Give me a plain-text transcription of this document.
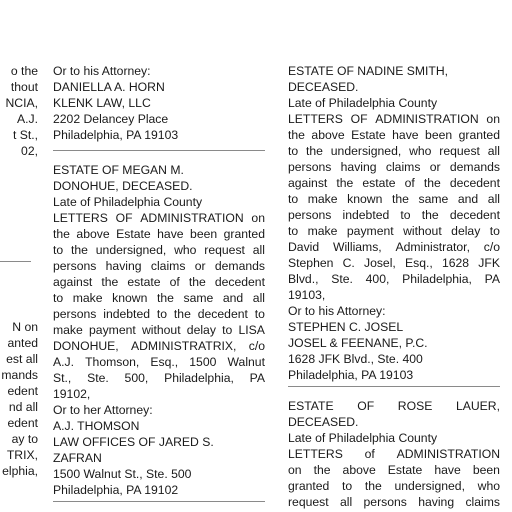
o the
thout
NCIA,
A.J.
t St.,
02,
N on
anted
est all
mands
edent
nd all
edent
ay to
TRIX,
elphia,
Or to his Attorney:
DANIELLA A. HORN
KLENK LAW, LLC
2202 Delancey Place
Philadelphia, PA 19103
ESTATE OF MEGAN M.
DONOHUE, DECEASED.
Late of Philadelphia County
LETTERS OF ADMINISTRATION on
the above Estate have been granted
to the undersigned, who request all
persons having claims or demands
against the estate of the decedent
to make known the same and all
persons indebted to the decedent to
make payment without delay to LISA
DONOHUE, ADMINISTRATRIX, c/o
A.J. Thomson, Esq., 1500 Walnut
St., Ste. 500, Philadelphia, PA
19102,
Or to her Attorney:
A.J. THOMSON
LAW OFFICES OF JARED S.
ZAFRAN
1500 Walnut St., Ste. 500
Philadelphia, PA 19102
ESTATE OF NADINE SMITH,
DECEASED.
Late of Philadelphia County
LETTERS OF ADMINISTRATION on
the above Estate have been granted
to the undersigned, who request all
persons having claims or demands
against the estate of the decedent
to make known the same and all
persons indebted to the decedent
to make payment without delay to
David Williams, Administrator, c/o
Stephen C. Josel, Esq., 1628 JFK
Blvd., Ste. 400, Philadelphia, PA
19103,
Or to his Attorney:
STEPHEN C. JOSEL
JOSEL & FEENANE, P.C.
1628 JFK Blvd., Ste. 400
Philadelphia, PA 19103
ESTATE OF ROSE LAUER,
DECEASED.
Late of Philadelphia County
LETTERS of ADMINISTRATION
on the above Estate have been
granted to the undersigned, who
request all persons having claims
